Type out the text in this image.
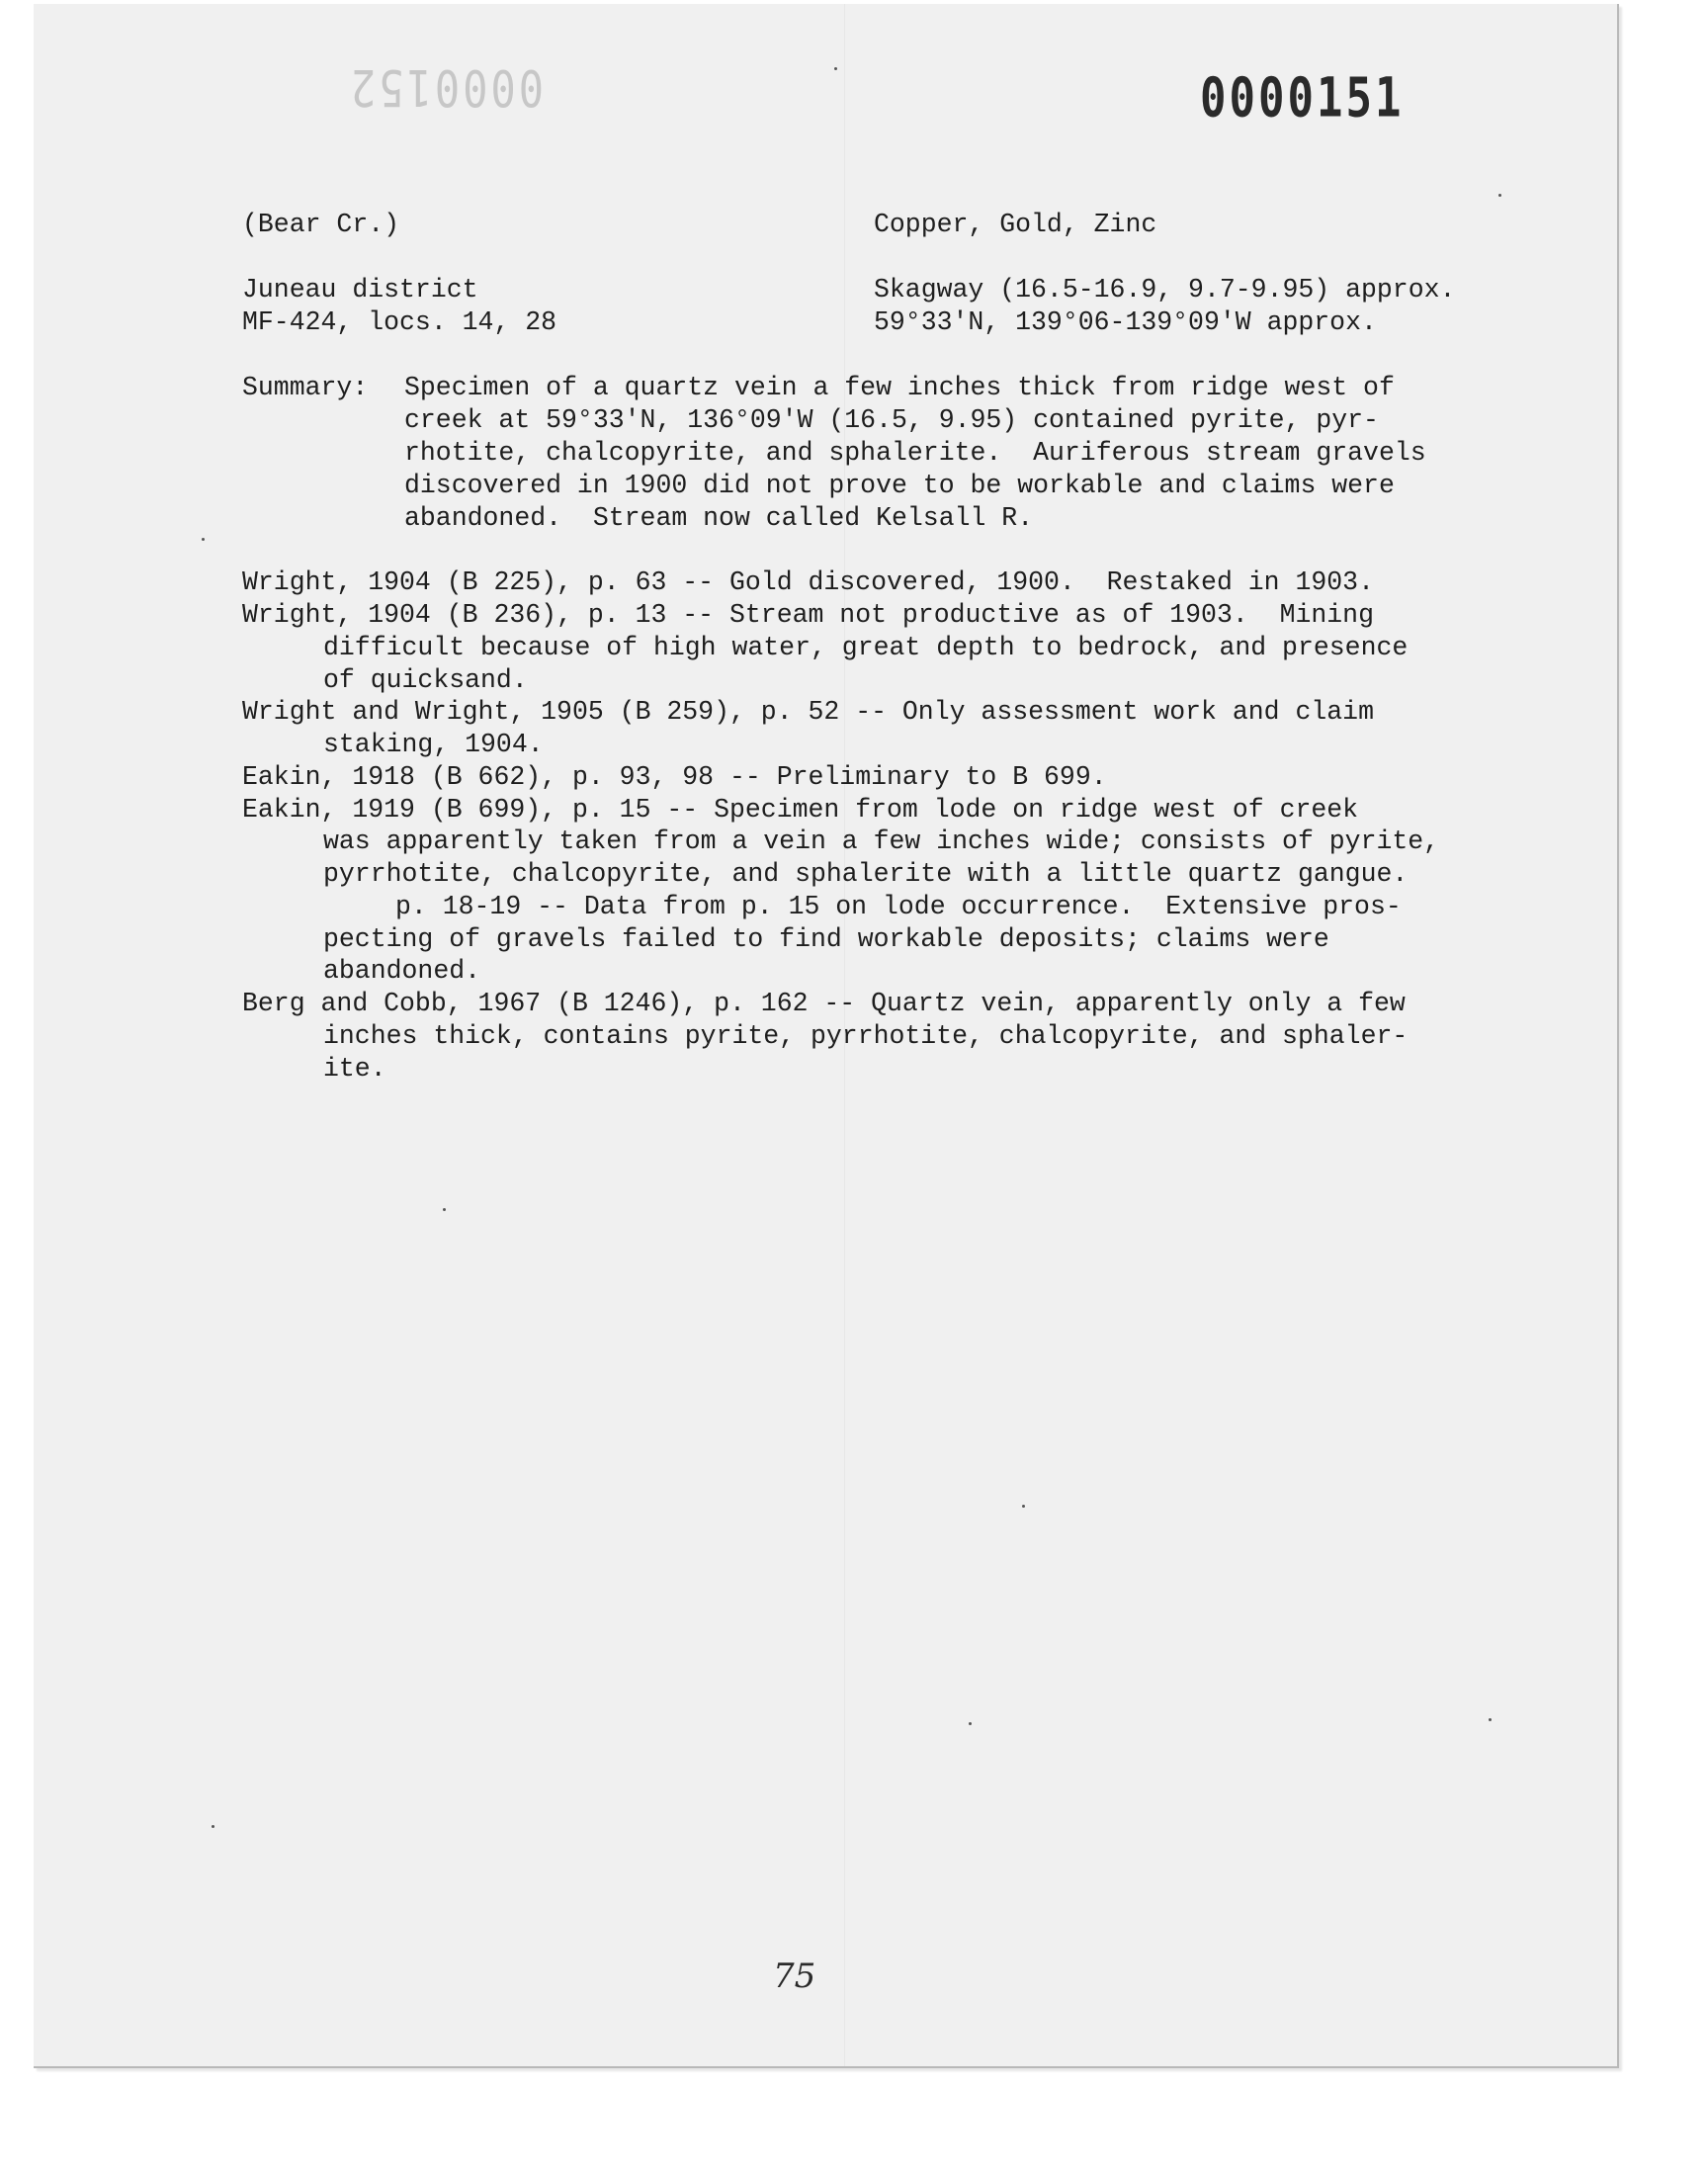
0000152	0000151
(Bear Cr.)	Copper, Gold, Zinc
Juneau district	Skagway (16.5-16.9, 9.7-9.95) approx.
MF-424, locs. 14, 28	59°33'N, 139°06-139°09'W approx.
Summary: Specimen of a quartz vein a few inches thick from ridge west of
creek at 59°33'N, 136°09'W (16.5, 9.95) contained pyrite, pyr-
rhotite, chalcopyrite, and sphalerite.  Auriferous stream gravels
discovered in 1900 did not prove to be workable and claims were
abandoned.  Stream now called Kelsall R.
Wright, 1904 (B 225), p. 63 -- Gold discovered, 1900.  Restaked in 1903.
Wright, 1904 (B 236), p. 13 -- Stream not productive as of 1903.  Mining
difficult because of high water, great depth to bedrock, and presence
of quicksand.
Wright and Wright, 1905 (B 259), p. 52 -- Only assessment work and claim
staking, 1904.
Eakin, 1918 (B 662), p. 93, 98 -- Preliminary to B 699.
Eakin, 1919 (B 699), p. 15 -- Specimen from lode on ridge west of creek
was apparently taken from a vein a few inches wide; consists of pyrite,
pyrrhotite, chalcopyrite, and sphalerite with a little quartz gangue.
p. 18-19 -- Data from p. 15 on lode occurrence.  Extensive pros-
pecting of gravels failed to find workable deposits; claims were
abandoned.
Berg and Cobb, 1967 (B 1246), p. 162 -- Quartz vein, apparently only a few
inches thick, contains pyrite, pyrrhotite, chalcopyrite, and sphaler-
ite.
75
